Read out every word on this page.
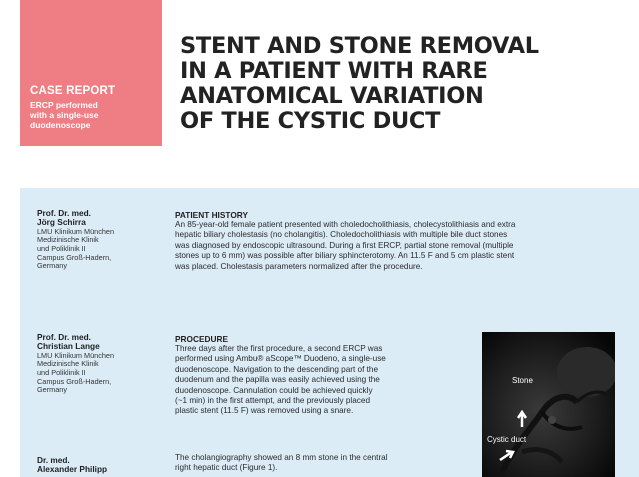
CASE REPORT
ERCP performed
with a single-use
duodenoscope
STENT AND STONE REMOVAL
IN A PATIENT WITH RARE
ANATOMICAL VARIATION
OF THE CYSTIC DUCT
Prof. Dr. med.
Jörg Schirra
LMU Klinikum München
Medizinische Klinik
und Poliklinik II
Campus Groß-Hadern,
Germany
Prof. Dr. med.
Christian Lange
LMU Klinikum München
Medizinische Klinik
und Poliklinik II
Campus Groß-Hadern,
Germany
Dr. med.
Alexander Philipp
PATIENT HISTORY
An 85-year-old female patient presented with choledocholithiasis, cholecystolithiasis and extra
hepatic biliary cholestasis (no cholangitis). Choledocholithiasis with multiple bile duct stones
was diagnosed by endoscopic ultrasound. During a first ERCP, partial stone removal (multiple
stones up to 6 mm) was possible after biliary sphincterotomy. An 11.5 F and 5 cm plastic stent
was placed. Cholestasis parameters normalized after the procedure.
PROCEDURE
Three days after the first procedure, a second ERCP was
performed using Ambu® aScope™ Duodeno, a single-use
duodenoscope. Navigation to the descending part of the
duodenum and the papilla was easily achieved using the
duodenoscope. Cannulation could be achieved quickly
(~1 min) in the first attempt, and the previously placed
plastic stent (11.5 F) was removed using a snare.
The cholangiography showed an 8 mm stone in the central
right hepatic duct (Figure 1).
Stone
Cystic duct
